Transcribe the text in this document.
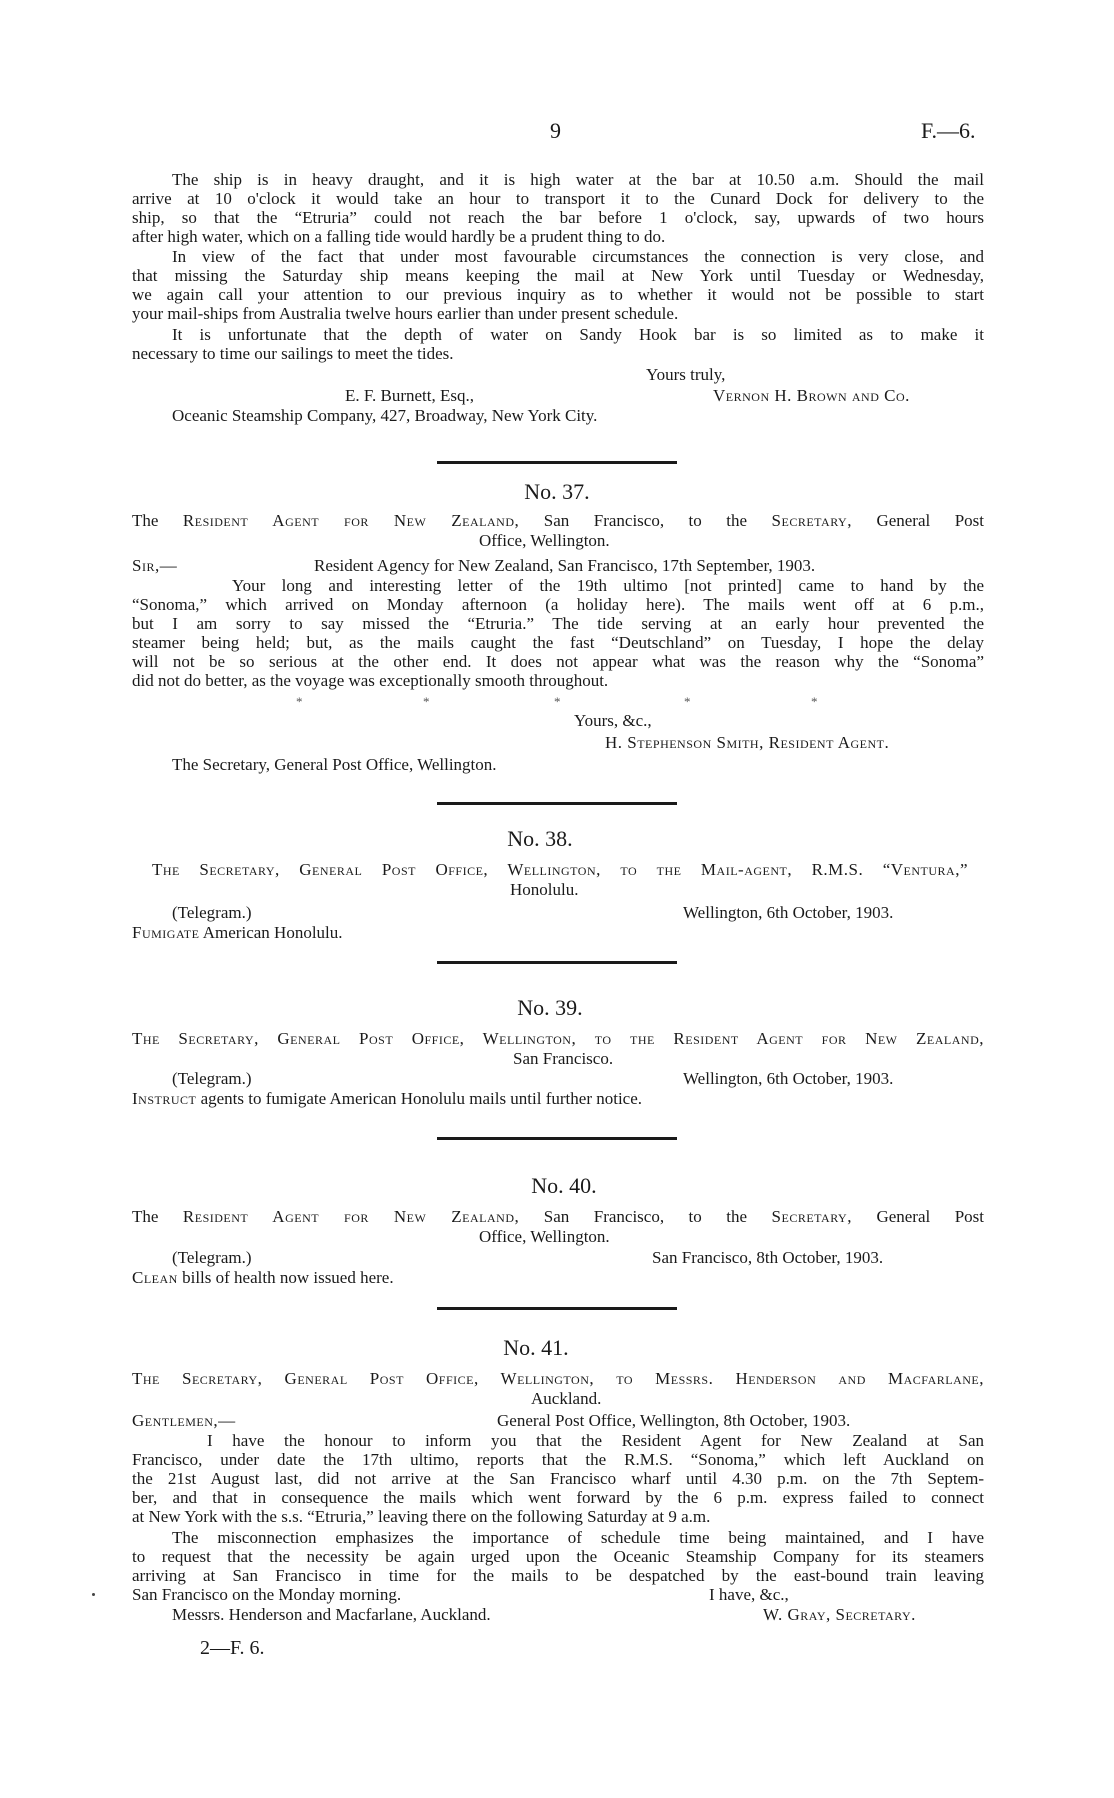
9	F.—6.
The ship is in heavy draught, and it is high water at the bar at 10.50 a.m. Should the mail
arrive at 10 o'clock it would take an hour to transport it to the Cunard Dock for delivery to the
ship, so that the “Etruria” could not reach the bar before 1 o'clock, say, upwards of two hours
after high water, which on a falling tide would hardly be a prudent thing to do.
In view of the fact that under most favourable circumstances the connection is very close, and
that missing the Saturday ship means keeping the mail at New York until Tuesday or Wednesday,
we again call your attention to our previous inquiry as to whether it would not be possible to start
your mail-ships from Australia twelve hours earlier than under present schedule.
It is unfortunate that the depth of water on Sandy Hook bar is so limited as to make it
necessary to time our sailings to meet the tides.
Yours truly,
E. F. Burnett, Esq.,	Vernon H. Brown and Co.
Oceanic Steamship Company, 427, Broadway, New York City.
No. 37.
The Resident Agent for New Zealand, San Francisco, to the Secretary, General Post
Office, Wellington.
Sir,—	Resident Agency for New Zealand, San Francisco, 17th September, 1903.
Your long and interesting letter of the 19th ultimo [not printed] came to hand by the
“Sonoma,” which arrived on Monday afternoon (a holiday here). The mails went off at 6 p.m.,
but I am sorry to say missed the “Etruria.” The tide serving at an early hour prevented the
steamer being held; but, as the mails caught the fast “Deutschland” on Tuesday, I hope the delay
will not be so serious at the other end. It does not appear what was the reason why the “Sonoma”
did not do better, as the voyage was exceptionally smooth throughout.
*	*	*	*	*
Yours, &c.,
H. Stephenson Smith, Resident Agent.
The Secretary, General Post Office, Wellington.
No. 38.
The Secretary, General Post Office, Wellington, to the Mail-agent, R.M.S. “Ventura,”
Honolulu.
(Telegram.)	Wellington, 6th October, 1903.
Fumigate American Honolulu.
No. 39.
The Secretary, General Post Office, Wellington, to the Resident Agent for New Zealand,
San Francisco.
(Telegram.)	Wellington, 6th October, 1903.
Instruct agents to fumigate American Honolulu mails until further notice.
No. 40.
The Resident Agent for New Zealand, San Francisco, to the Secretary, General Post
Office, Wellington.
(Telegram.)	San Francisco, 8th October, 1903.
Clean bills of health now issued here.
No. 41.
The Secretary, General Post Office, Wellington, to Messrs. Henderson and Macfarlane,
Auckland.
Gentlemen,—	General Post Office, Wellington, 8th October, 1903.
I have the honour to inform you that the Resident Agent for New Zealand at San
Francisco, under date the 17th ultimo, reports that the R.M.S. “Sonoma,” which left Auckland on
the 21st August last, did not arrive at the San Francisco wharf until 4.30 p.m. on the 7th Septem-
ber, and that in consequence the mails which went forward by the 6 p.m. express failed to connect
at New York with the s.s. “Etruria,” leaving there on the following Saturday at 9 a.m.
The misconnection emphasizes the importance of schedule time being maintained, and I have
to request that the necessity be again urged upon the Oceanic Steamship Company for its steamers
arriving at San Francisco in time for the mails to be despatched by the east-bound train leaving
San Francisco on the Monday morning.	I have, &c.,
Messrs. Henderson and Macfarlane, Auckland.	W. Gray, Secretary.
2—F. 6.
